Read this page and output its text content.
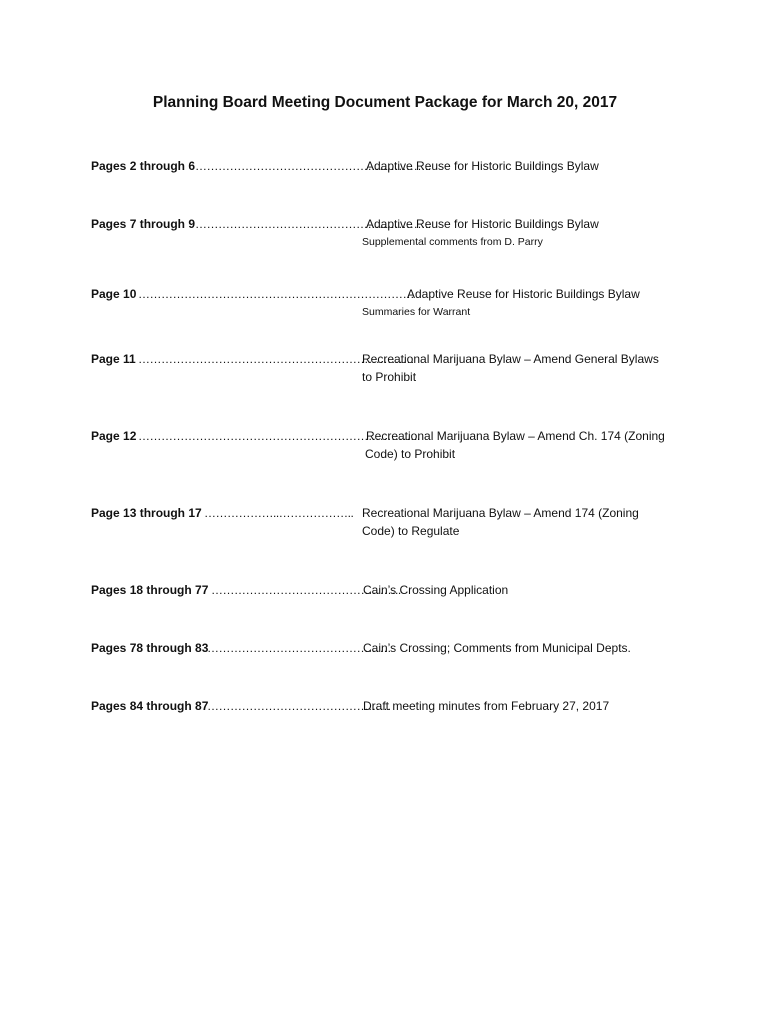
Planning Board Meeting Document Package for March 20, 2017
Pages 2 through 6 ……………………………………………………..
Adaptive Reuse for Historic Buildings Bylaw
Pages 7 through 9 ……………………………………………………..
Adaptive Reuse for Historic Buildings Bylaw
Supplemental comments from D. Parry
Page 10 ………………………………………………………………
Adaptive Reuse for Historic Buildings Bylaw
Summaries for Warrant
Page 11 ………………………………………………………………
Recreational Marijuana Bylaw – Amend General Bylaws
to Prohibit
Page 12 ………………………………………………………………..
Recreational Marijuana Bylaw – Amend Ch. 174 (Zoning
Code) to Prohibit
Page 13 through 17 ………………..……………….. Recreational Marijuana Bylaw – Amend 174 (Zoning
Code) to Regulate
Pages 18 through 77 …………………………………………..
Cain’s Crossing Application
Pages 78 through 83
…………………………………………
Cain’s Crossing; Comments from Municipal Depts.
Pages 84 through 87
…………………………………………
Draft meeting minutes from February 27, 2017
